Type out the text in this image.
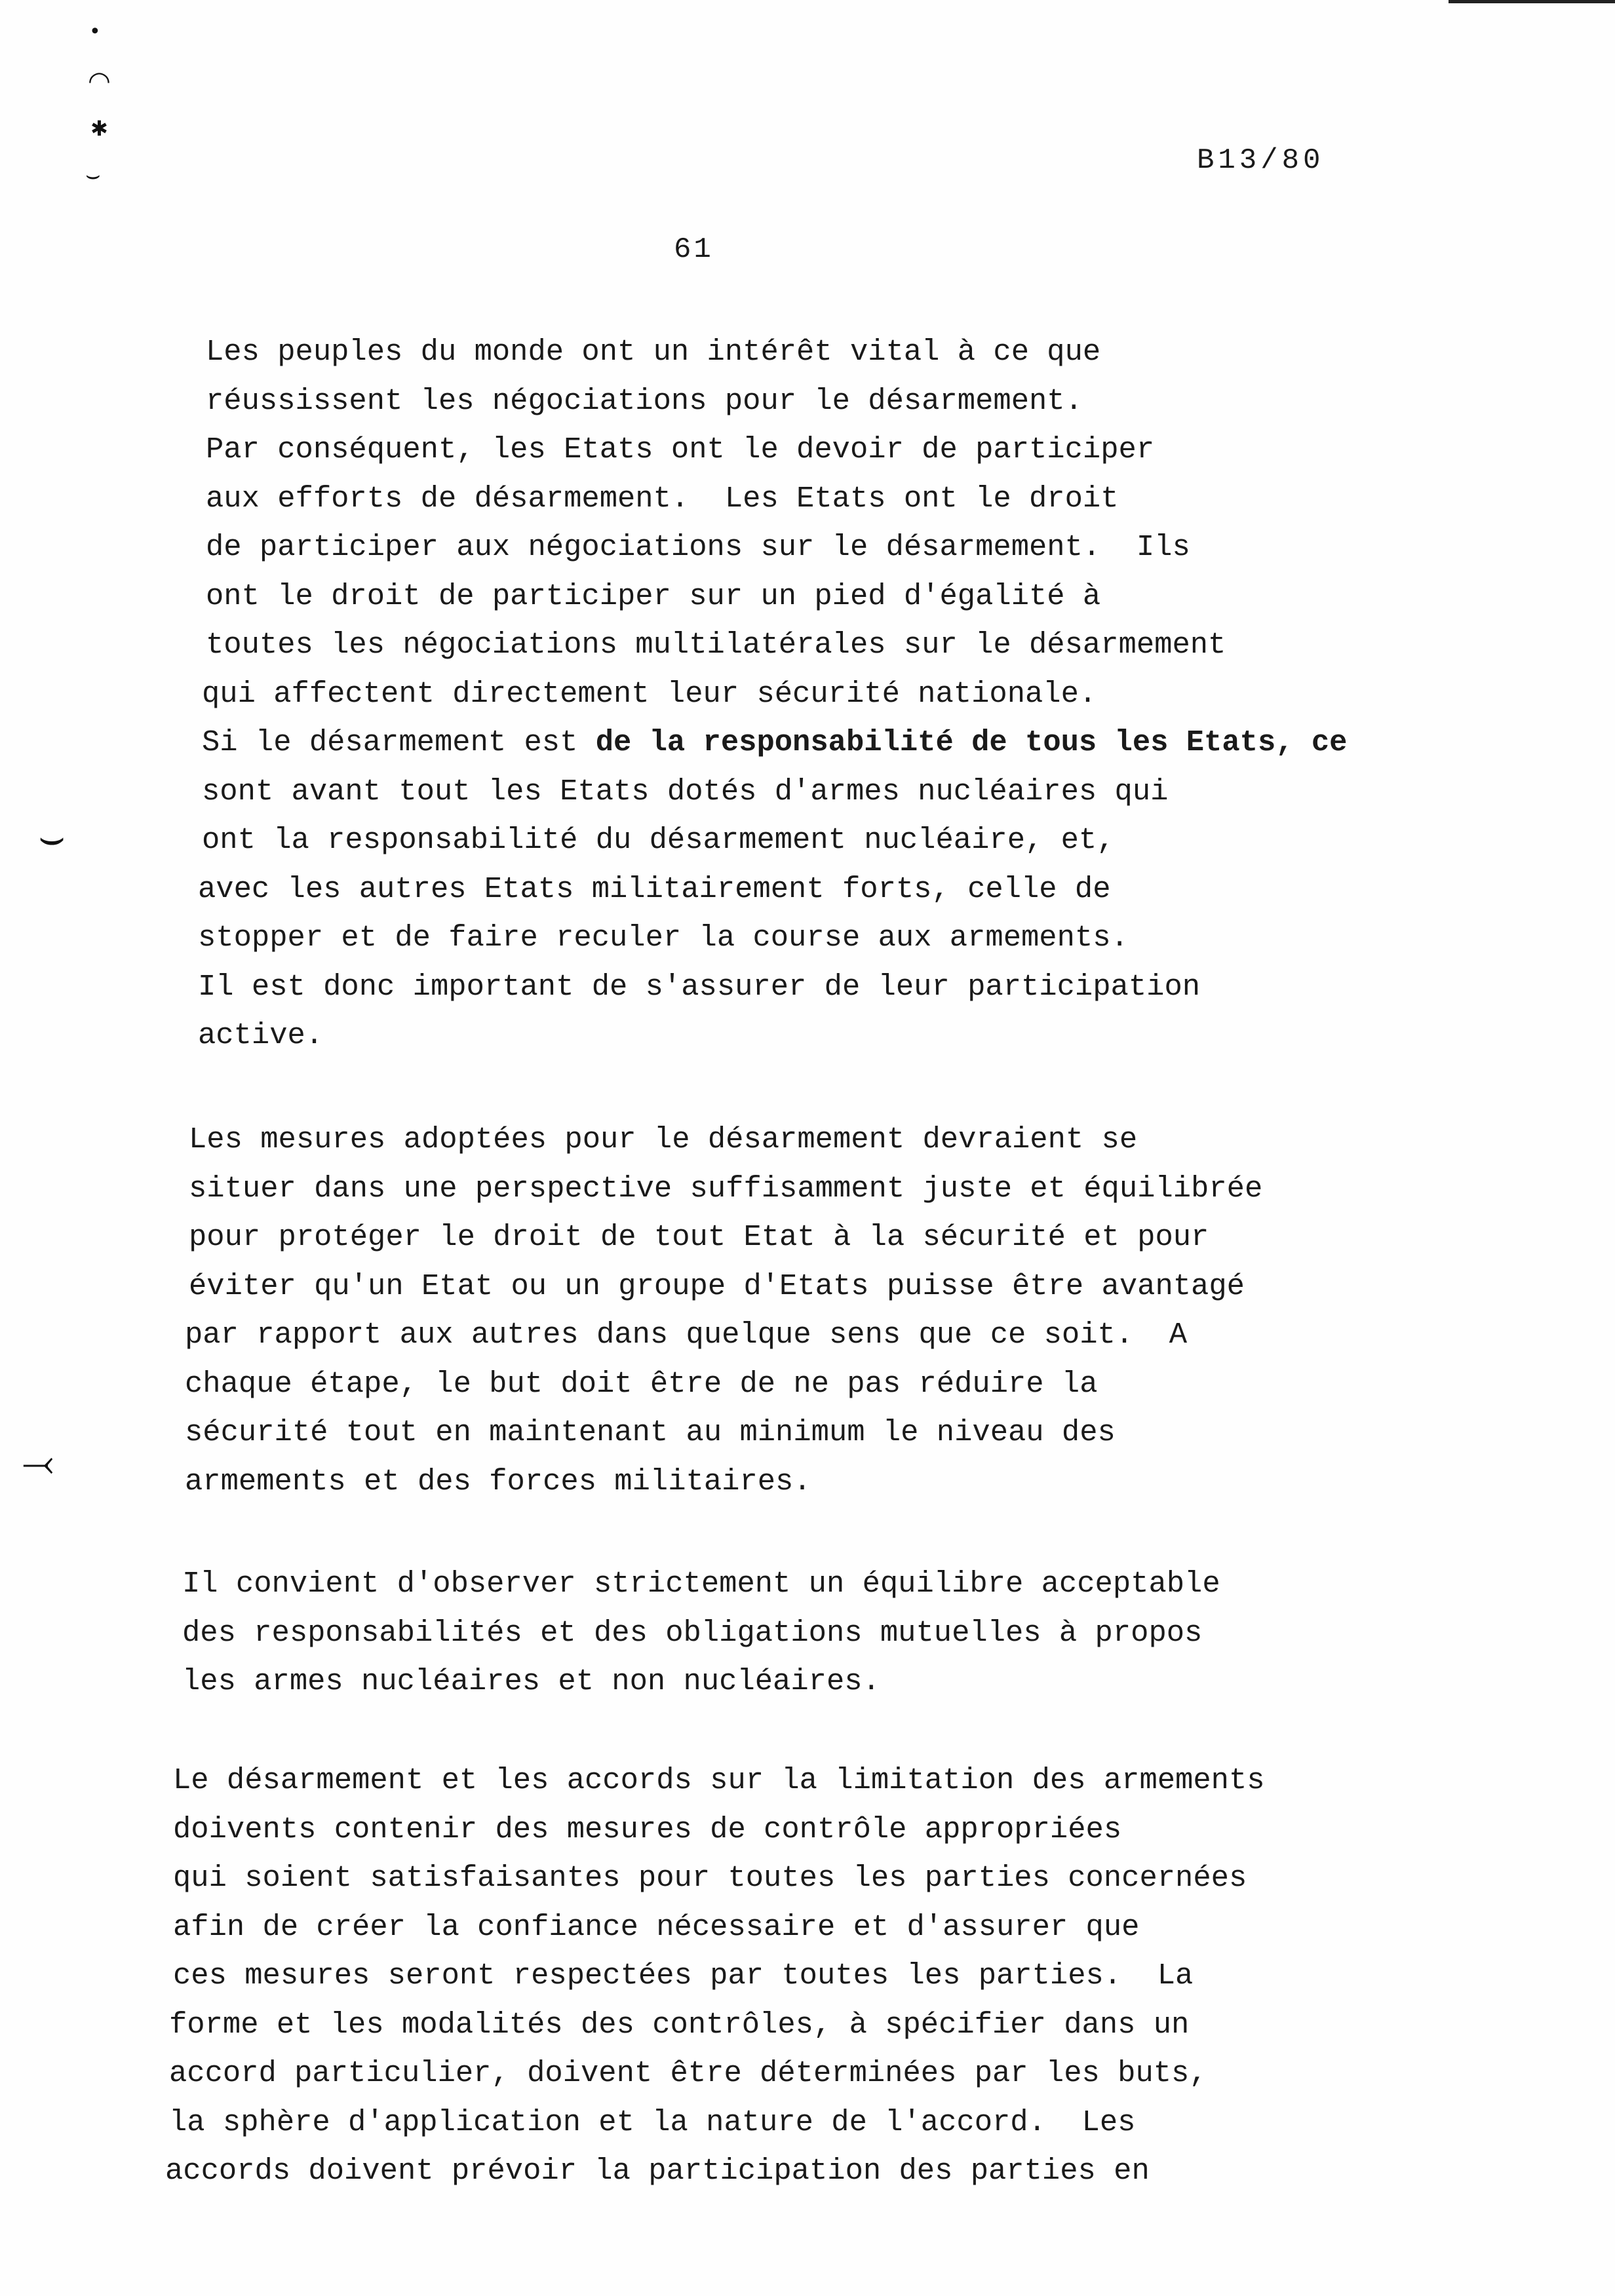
•
◠
✱
⌣
⌣
⤙
B13/80
61
Les peuples du monde ont un intérêt vital à ce que
réussissent les négociations pour le désarmement.
Par conséquent, les Etats ont le devoir de participer
aux efforts de désarmement.  Les Etats ont le droit
de participer aux négociations sur le désarmement.  Ils
ont le droit de participer sur un pied d'égalité à
toutes les négociations multilatérales sur le désarmement
qui affectent directement leur sécurité nationale.
Si le désarmement est de la responsabilité de tous les Etats, ce
sont avant tout les Etats dotés d'armes nucléaires qui
ont la responsabilité du désarmement nucléaire, et,
avec les autres Etats militairement forts, celle de
stopper et de faire reculer la course aux armements.
Il est donc important de s'assurer de leur participation
active.
Les mesures adoptées pour le désarmement devraient se
situer dans une perspective suffisamment juste et équilibrée
pour protéger le droit de tout Etat à la sécurité et pour
éviter qu'un Etat ou un groupe d'Etats puisse être avantagé
par rapport aux autres dans quelque sens que ce soit.  A
chaque étape, le but doit être de ne pas réduire la
sécurité tout en maintenant au minimum le niveau des
armements et des forces militaires.
Il convient d'observer strictement un équilibre acceptable
des responsabilités et des obligations mutuelles à propos
les armes nucléaires et non nucléaires.
Le désarmement et les accords sur la limitation des armements
doivents contenir des mesures de contrôle appropriées
qui soient satisfaisantes pour toutes les parties concernées
afin de créer la confiance nécessaire et d'assurer que
ces mesures seront respectées par toutes les parties.  La
forme et les modalités des contrôles, à spécifier dans un
accord particulier, doivent être déterminées par les buts,
la sphère d'application et la nature de l'accord.  Les
accords doivent prévoir la participation des parties en
